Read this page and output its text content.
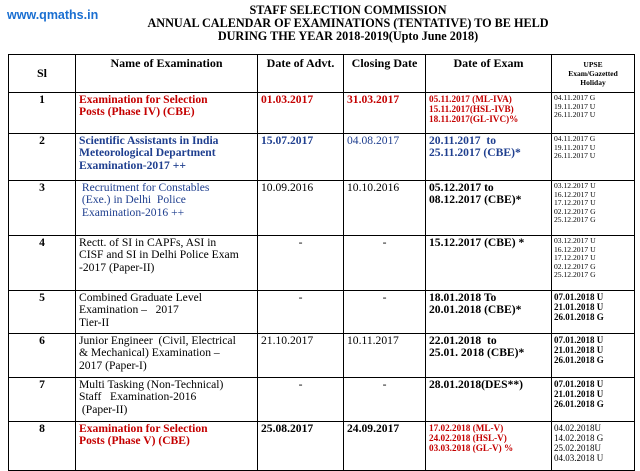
www.qmaths.in	STAFF SELECTION COMMISSION
ANNUAL CALENDAR OF EXAMINATIONS (TENTATIVE) TO BE HELD
DURING THE YEAR 2018-2019(Upto June 2018)
Sl	Name of Examination	Date of Advt.	Closing Date	Date of Exam	UPSE
Exam/Gazetted
Holiday

1	Examination for Selection
Posts (Phase IV) (CBE)	01.03.2017	31.03.2017	05.11.2017 (ML-IVA)
15.11.2017(HSL-IVB)
18.11.2017(GL-IVC)%	04.11.2017 G
19.11.2017 U
26.11.2017 U

2	Scientific Assistants in India
Meteorological Department
Examination-2017 ++	15.07.2017	04.08.2017	20.11.2017  to
25.11.2017 (CBE)*	04.11.2017 G
19.11.2017 U
26.11.2017 U

3	Recruitment for Constables
(Exe.) in Delhi  Police
Examination-2016 ++	10.09.2016	10.10.2016	05.12.2017 to
08.12.2017 (CBE)*	03.12.2017 U
16.12.2017 U
17.12.2017 U
02.12.2017 G
25.12.2017 G

4	Rectt. of SI in CAPFs, ASI in
CISF and SI in Delhi Police Exam
-2017 (Paper-II)	-	-	15.12.2017 (CBE) *	03.12.2017 U
16.12.2017 U
17.12.2017 U
02.12.2017 G
25.12.2017 G

5	Combined Graduate Level
Examination –   2017
Tier-II	-	-	18.01.2018 To
20.01.2018 (CBE)*	07.01.2018 U
21.01.2018 U
26.01.2018 G

6	Junior Engineer  (Civil, Electrical
& Mechanical) Examination –
2017 (Paper-I)	21.10.2017	10.11.2017	22.01.2018  to
25.01. 2018 (CBE)*	07.01.2018 U
21.01.2018 U
26.01.2018 G

7	Multi Tasking (Non-Technical)
Staff   Examination-2016
(Paper-II)	-	-	28.01.2018(DES**)	07.01.2018 U
21.01.2018 U
26.01.2018 G

8	Examination for Selection
Posts (Phase V) (CBE)	25.08.2017	24.09.2017	17.02.2018 (ML-V)
24.02.2018 (HSL-V)
03.03.2018 (GL-V) %	04.02.2018U
14.02.2018 G
25.02.2018U
04.03.2018 U
